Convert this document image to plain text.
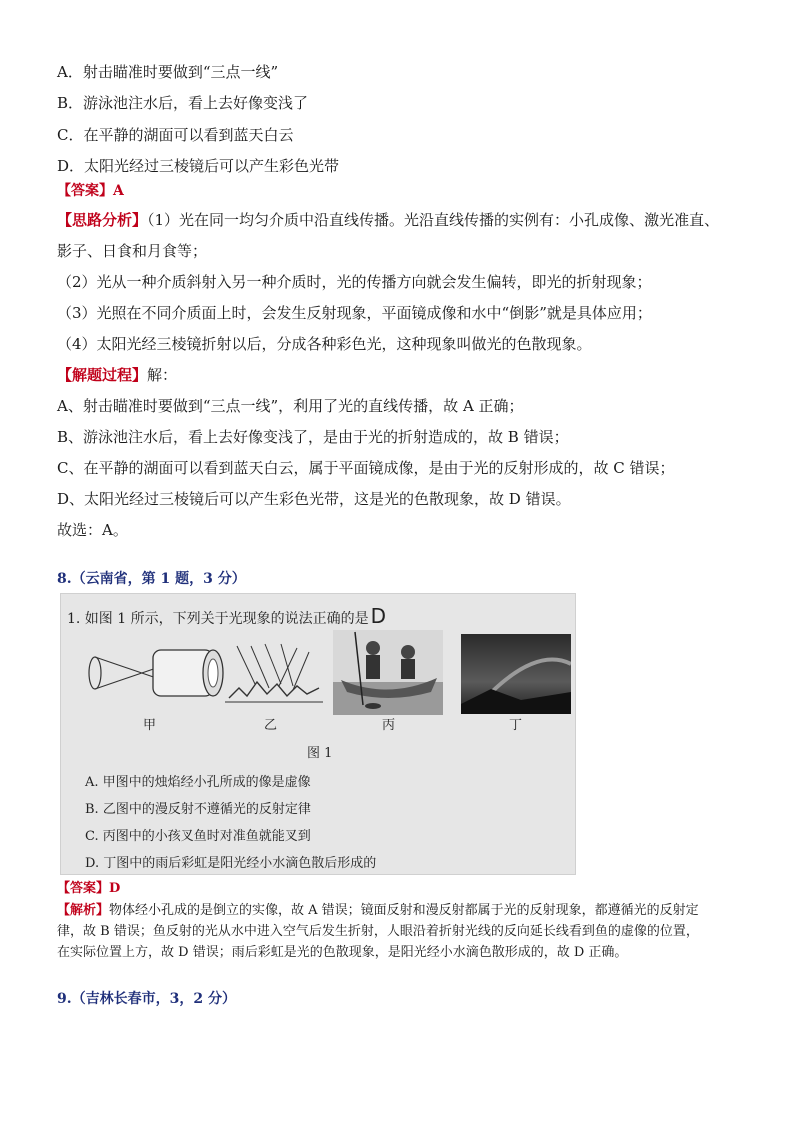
A．射击瞄准时要做到“三点一线”
B．游泳池注水后，看上去好像变浅了
C．在平静的湖面可以看到蓝天白云
D．太阳光经过三棱镜后可以产生彩色光带
【答案】A
【思路分析】（1）光在同一均匀介质中沿直线传播。光沿直线传播的实例有：小孔成像、激光准直、
影子、日食和月食等；
（2）光从一种介质斜射入另一种介质时，光的传播方向就会发生偏转，即光的折射现象；
（3）光照在不同介质面上时，会发生反射现象，平面镜成像和水中“倒影”就是具体应用；
（4）太阳光经三棱镜折射以后，分成各种彩色光，这种现象叫做光的色散现象。
【解题过程】解：
A、射击瞄准时要做到“三点一线”，利用了光的直线传播，故 A 正确；
B、游泳池注水后，看上去好像变浅了，是由于光的折射造成的，故 B 错误；
C、在平静的湖面可以看到蓝天白云，属于平面镜成像，是由于光的反射形成的，故 C 错误；
D、太阳光经过三棱镜后可以产生彩色光带，这是光的色散现象，故 D 错误。
故选：A。
8.（云南省，第 1 题，3 分）
1. 如图 1 所示，下列关于光现象的说法正确的是 D
甲	乙	丙	丁
图 1
A. 甲图中的烛焰经小孔所成的像是虚像
B. 乙图中的漫反射不遵循光的反射定律
C. 丙图中的小孩叉鱼时对准鱼就能叉到
D. 丁图中的雨后彩虹是阳光经小水滴色散后形成的
【答案】D
【解析】物体经小孔成的是倒立的实像，故 A 错误；镜面反射和漫反射都属于光的反射现象，都遵循光的反射定
律，故 B 错误；鱼反射的光从水中进入空气后发生折射，人眼沿着折射光线的反向延长线看到鱼的虚像的位置，
在实际位置上方，故 D 错误；雨后彩虹是光的色散现象，是阳光经小水滴色散形成的，故 D 正确。
9.（吉林长春市，3，2 分）
